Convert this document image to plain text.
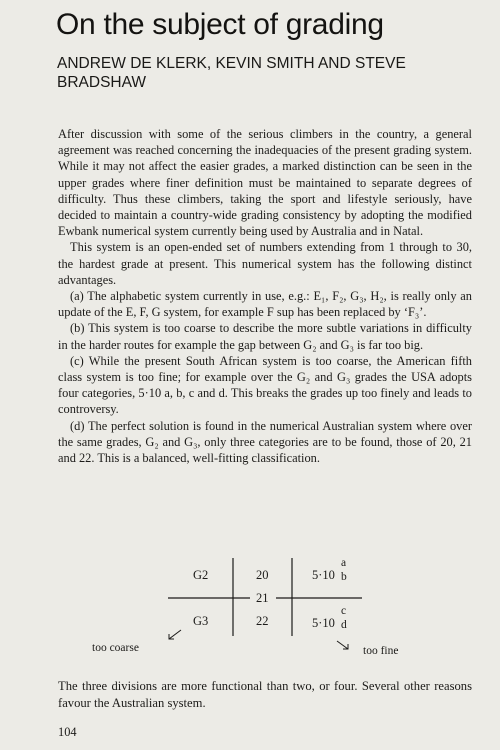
On the subject of grading
ANDREW DE KLERK, KEVIN SMITH AND STEVE BRADSHAW

After discussion with some of the serious climbers in the country, a general agreement was reached concerning the inadequacies of the present grading system. While it may not affect the easier grades, a marked distinction can be seen in the upper grades where finer definition must be maintained to separate degrees of difficulty. Thus these climbers, taking the sport and lifestyle seriously, have decided to maintain a country-wide grading consistency by adopting the modified Ewbank numerical system currently being used by Australia and in Natal.

This system is an open-ended set of numbers extending from 1 through to 30, the hardest grade at present. This numerical system has the following distinct advantages.

(a) The alphabetic system currently in use, e.g.: E₁, F₂, G₃, H₂, is really only an update of the E, F, G system, for example F sup has been replaced by ‘F₃’.

(b) This system is too coarse to describe the more subtle variations in difficulty in the harder routes for example the gap between G₂ and G₃ is far too big.

(c) While the present South African system is too coarse, the American fifth class system is too fine; for example over the G₂ and G₃ grades the USA adopts four categories, 5·10 a, b, c and d. This breaks the grades up too finely and leads to controversy.

(d) The perfect solution is found in the numerical Australian system where over the same grades, G₂ and G₃, only three categories are to be found, those of 20, 21 and 22. This is a balanced, well-fitting classification.

G2
G3
20
21
22
5·10
a
b
5·10
c
d
too coarse	too fine
The three divisions are more functional than two, or four. Several other reasons favour the Australian system.
104
